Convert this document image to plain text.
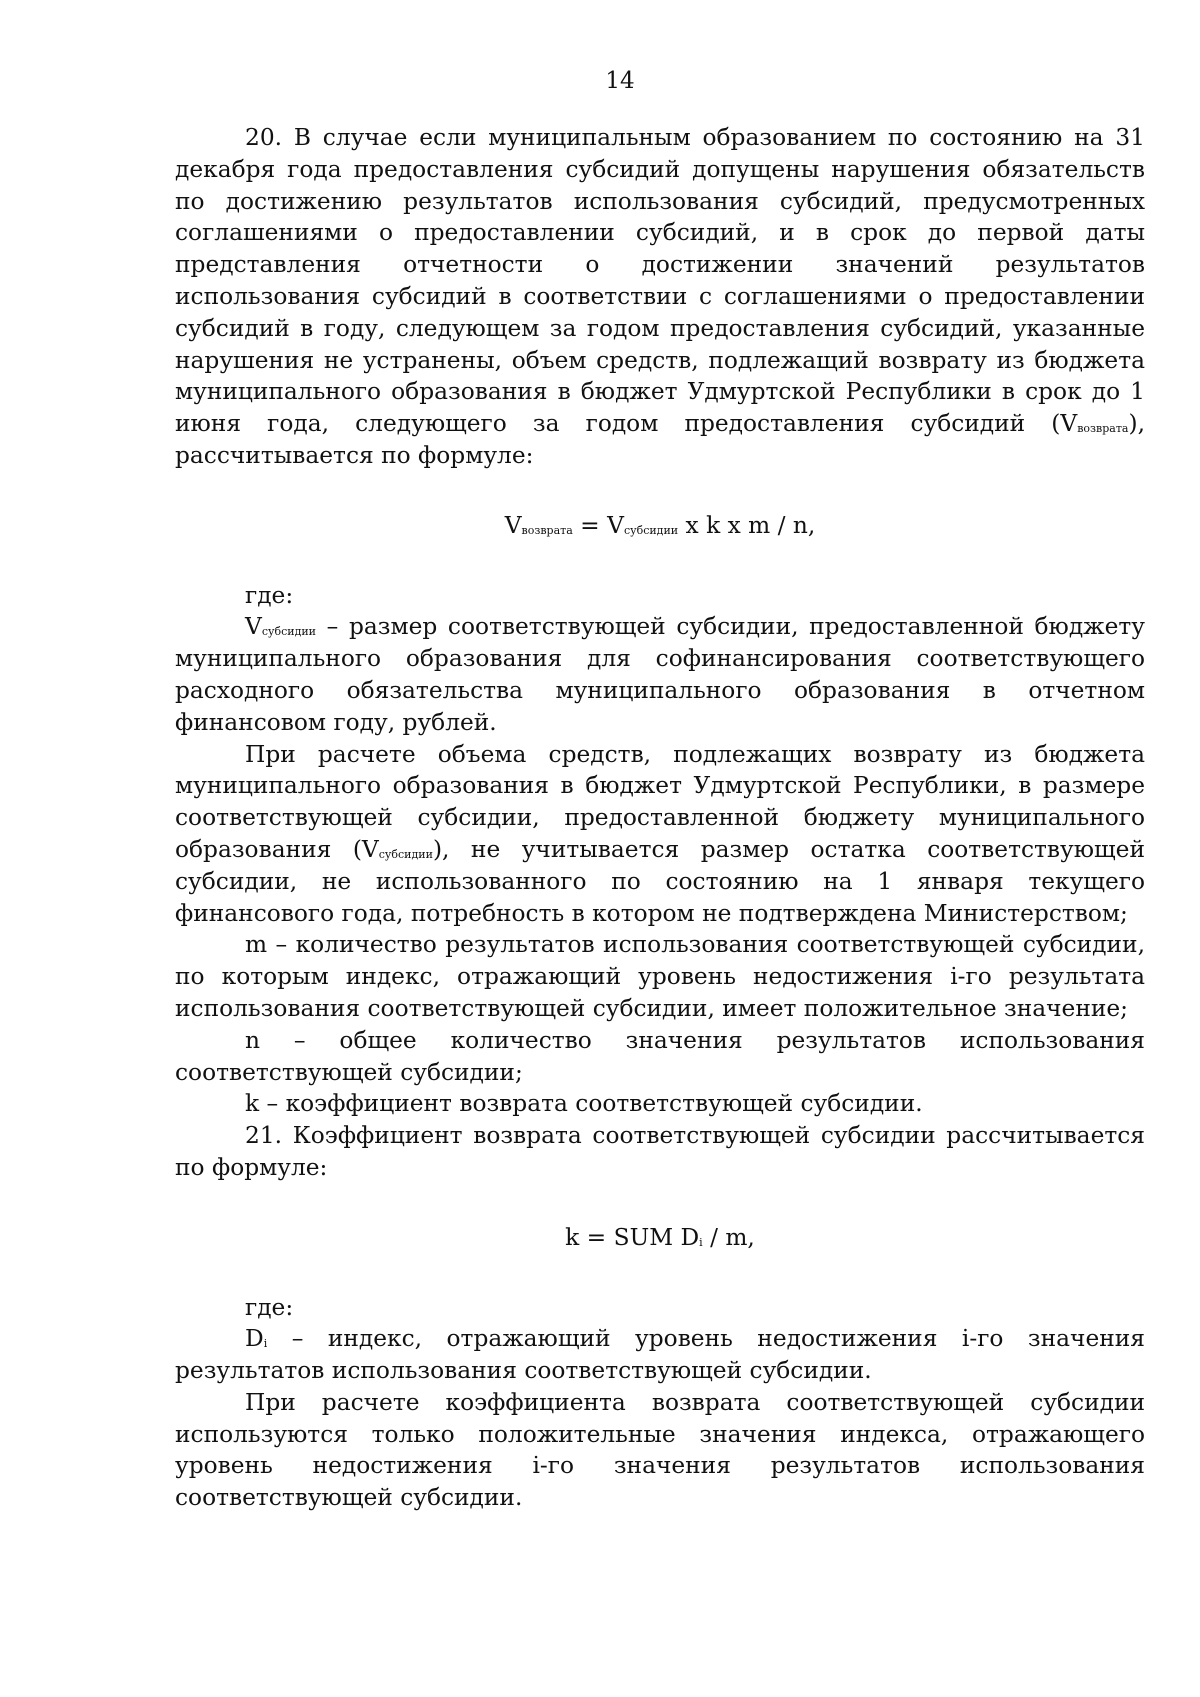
14

20. В случае если муниципальным образованием по состоянию на 31 декабря года предоставления субсидий допущены нарушения обязательств по достижению результатов использования субсидий, предусмотренных соглашениями о предоставлении субсидий, и в срок до первой даты представления отчетности о достижении значений результатов использования субсидий в соответствии с соглашениями о предоставлении субсидий в году, следующем за годом предоставления субсидий, указанные нарушения не устранены, объем средств, подлежащий возврату из бюджета муниципального образования в бюджет Удмуртской Республики в срок до 1 июня года, следующего за годом предоставления субсидий $(V_{возврата})$, рассчитывается по формуле:

$V_{возврата} = V_{субсидии}$ x k x m / n,

где:

$V_{субсидии}$ – размер соответствующей субсидии, предоставленной бюджету муниципального образования для софинансирования соответствующего расходного обязательства муниципального образования в отчетном финансовом году, рублей.

При расчете объема средств, подлежащих возврату из бюджета муниципального образования в бюджет Удмуртской Республики, в размере соответствующей субсидии, предоставленной бюджету муниципального образования $(V_{субсидии})$, не учитывается размер остатка соответствующей субсидии, не использованного по состоянию на 1 января текущего финансового года, потребность в котором не подтверждена Министерством;

m – количество результатов использования соответствующей субсидии, по которым индекс, отражающий уровень недостижения i-го результата использования соответствующей субсидии, имеет положительное значение;

n – общее количество значения результатов использования соответствующей субсидии;

k – коэффициент возврата соответствующей субсидии.

21. Коэффициент возврата соответствующей субсидии рассчитывается по формуле:

k = SUM $D_i$ / m,

где:

$D_i$ – индекс, отражающий уровень недостижения i-го значения результатов использования соответствующей субсидии.

При расчете коэффициента возврата соответствующей субсидии используются только положительные значения индекса, отражающего уровень недостижения i-го значения результатов использования соответствующей субсидии.
